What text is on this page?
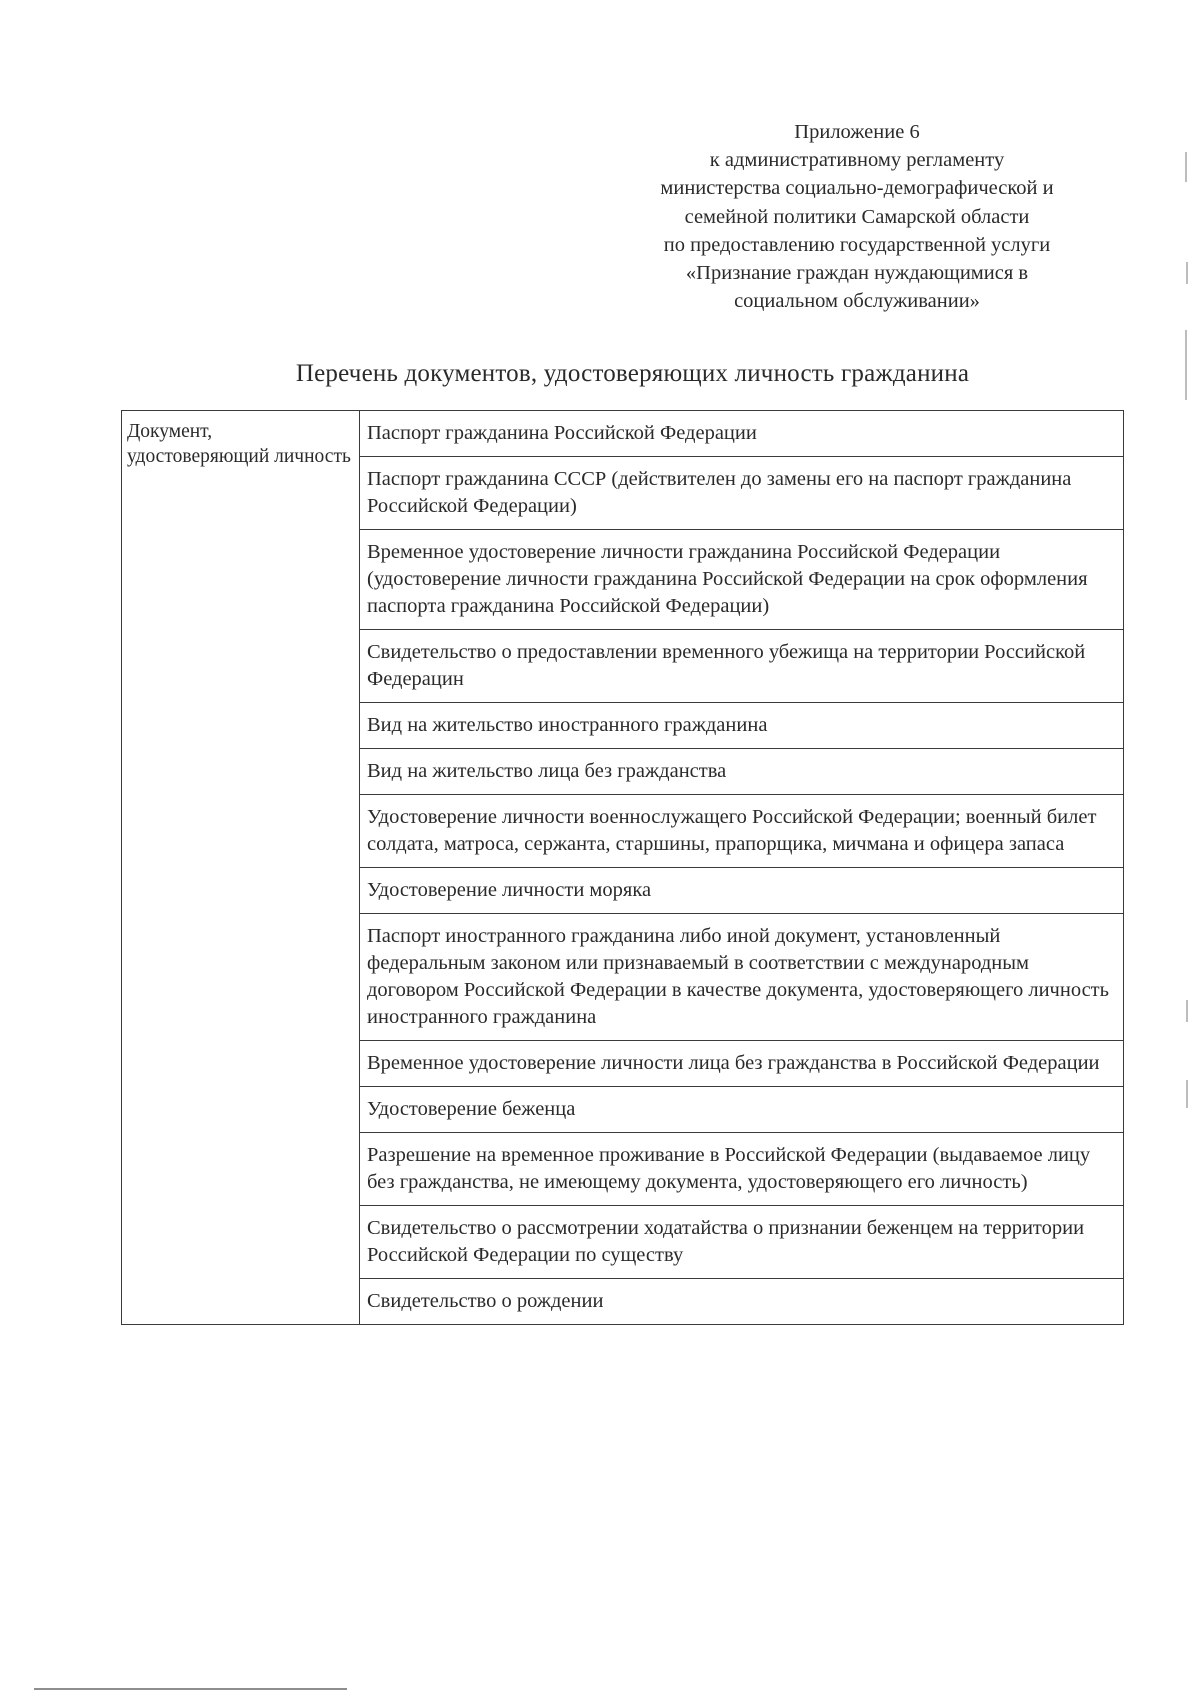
Приложение 6
к административному регламенту
министерства социально-демографической и
семейной политики Самарской области
по предоставлению государственной услуги
«Признание граждан нуждающимися в
социальном обслуживании»
Перечень документов, удостоверяющих личность гражданина
Документ, удостоверяющий личность	Паспорт гражданина Российской Федерации
Паспорт гражданина СССР (действителен до замены его на паспорт гражданина Российской Федерации)
Временное удостоверение личности гражданина Российской Федерации (удостоверение личности гражданина Российской Федерации на срок оформления паспорта гражданина Российской Федерации)
Свидетельство о предоставлении временного убежища на территории Российской Федерацин
Вид на жительство иностранного гражданина
Вид на жительство лица без гражданства
Удостоверение личности военнослужащего Российской Федерации; военный билет солдата, матроса, сержанта, старшины, прапорщика, мичмана и офицера запаса
Удостоверение личности моряка
Паспорт иностранного гражданина либо иной документ, установленный федеральным законом или признаваемый в соответствии с международным договором Российской Федерации в качестве документа, удостоверяющего личность иностранного гражданина
Временное удостоверение личности лица без гражданства в Российской Федерации
Удостоверение беженца
Разрешение на временное проживание в Российской Федерации (выдаваемое лицу без гражданства, не имеющему документа, удостоверяющего его личность)
Свидетельство о рассмотрении ходатайства о признании беженцем на территории Российской Федерации по существу
Свидетельство о рождении
